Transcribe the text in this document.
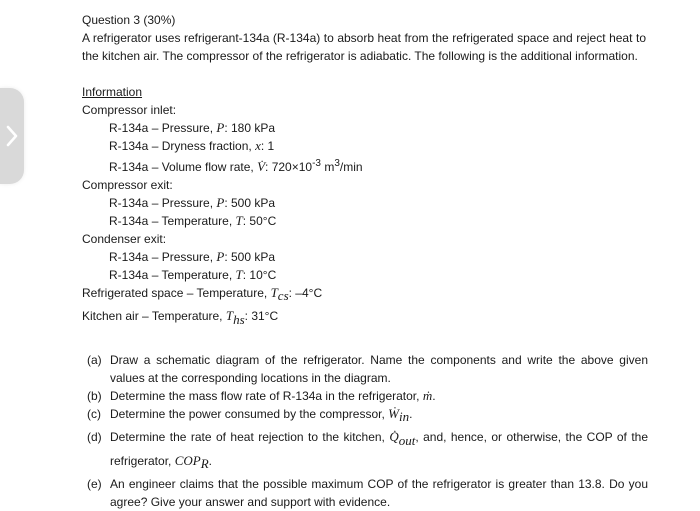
Question 3 (30%)

A refrigerator uses refrigerant-134a (R-134a) to absorb heat from the refrigerated space and reject heat to the kitchen air. The compressor of the refrigerator is adiabatic. The following is the additional information.

Information

Compressor inlet:

R-134a – Pressure, P: 180 kPa

R-134a – Dryness fraction, x: 1

R-134a – Volume flow rate, V̇: $720\times 10^{-3}$ $m^3/\min$

Compressor exit:

R-134a – Pressure, P: 500 kPa

R-134a – Temperature, T: 50°C

Condenser exit:

R-134a – Pressure, P: 500 kPa

R-134a – Temperature, T: 10°C

Refrigerated space – Temperature, $T_{cs}$: –4°C

Kitchen air – Temperature, $T_{hs}$: 31°C

(a) Draw a schematic diagram of the refrigerator. Name the components and write the above given values at the corresponding locations in the diagram.
(b) Determine the mass flow rate of R-134a in the refrigerator, ṁ.
(c) Determine the power consumed by the compressor, Ẇ$_{in}$.
(d) Determine the rate of heat rejection to the kitchen, $Q̇_{out}$, and, hence, or otherwise, the COP of the refrigerator, $COP_R$.
(e) An engineer claims that the possible maximum COP of the refrigerator is greater than 13.8. Do you agree? Give your answer and support with evidence.
